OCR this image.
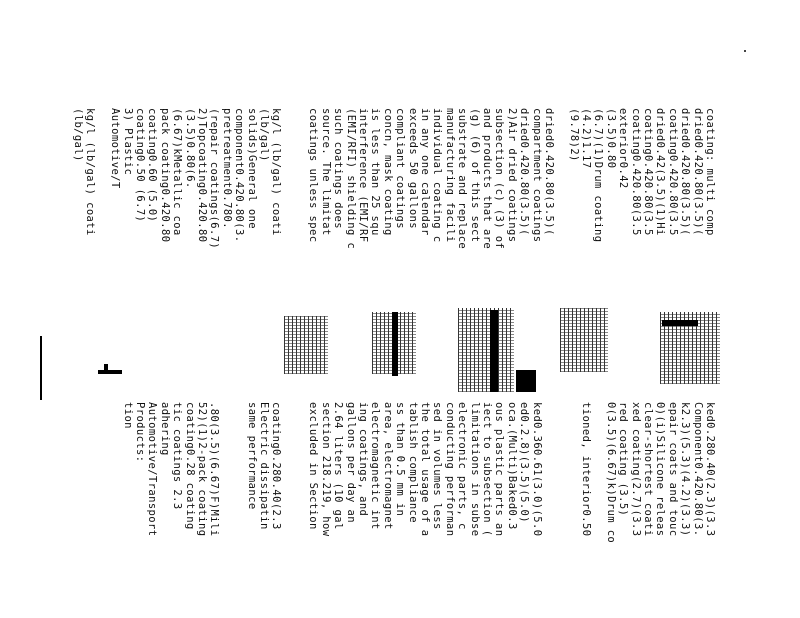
coating: multi comp
dried0.420.80(3.5)(
dried0.420.80(3.5)(
coating0.420.80(3.5
dried0.42(3.5)(1)Hi
coating0.420.80(3.5
coating0.420.80(3.5
exterior0.42
(3.5)0.80
(6.7)(1)Drum coating
(4.2)1.17
(9.78)2)
dried0.420.80(3.5)(
compartment coatings
dried0.420.80(3.5)(
2)Air dried coatings
subsection (c) (3) of
and products that are
(g) (6) of this sect
substrate and replace
manufacturing facili
individual coating c
in any one calendar
exceeds 50 gallons
compliant coatings
concn, mask coating
is less than 25 squ
interference (EMI/RF
(EMI/RFI) shielding c
such coatings does
source. The limitat
coatings unless spec
kg/l (lb/gal) coati
(lb/gal)
solids)General one
component0.420.80(3.
pretreatment0.780.
(repair coatings(6.7)
2)Topcoating0.420.80
(3.5)0.80(6.
(6.67)kMetallic coa
pack coating0.420.80
coating0.60 (5.0)
coating0.50 (6.7)
3) Plastic
Automotive/T
kg/l (lb/gal) coati
(lb/gal)
ked0.280.40(2.3)(3.3
Component0.420.80(3.
k2.3)(5.3)(4.2)(3.3)
epair coats and touc
0)(i)Silicone releas
clear-shortest coati
xed coating(2.7)(3.3
red coating (3.5)
0(3.5)(6.67)k)Drum co
tioned, interior0.50
ked0.360.61(3.0)(5.0
ed0.2.8)(3.5)(5.0)
oca.(Multi)Baked0.3
ous plastic parts an
iect to subsection (
limitations in subse
electronic parts, c
conducting performan
sed in volumes less
the total usage of a
tablish compliance
ss than 0.5 mm in
area, electromagnet
electromagnetic int
ing coatings, and
gallons per day an
2.64 liters (10 gal
section 218.219, how
excluded in Section
coating0.280.40(2.3
Electric dissipatin
same performance
.80(3.5)(6.67)F)Mili
52)(1)2-pack coating
coating0.28 coating
tic coatings 2.3
adhering
Automotive/Transport
Products:
tion
